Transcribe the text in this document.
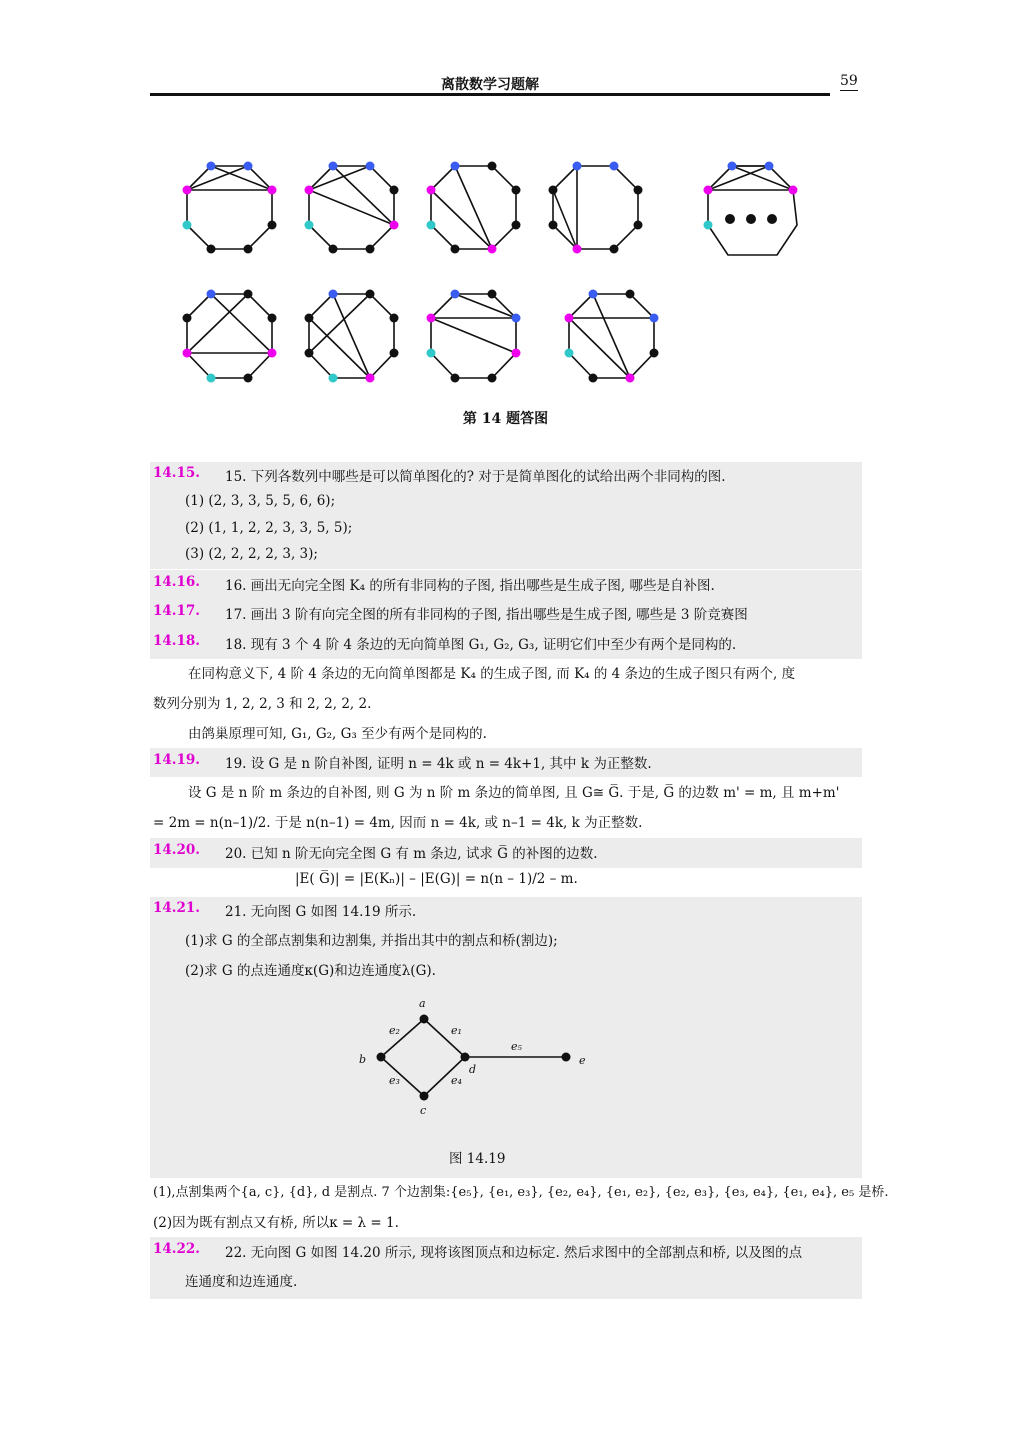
离散数学习题解	59
第 14 题答图
14.15. 15. 下列各数列中哪些是可以简单图化的? 对于是简单图化的试给出两个非同构的图.
(1) (2, 3, 3, 5, 5, 6, 6);
(2) (1, 1, 2, 2, 3, 3, 5, 5);
(3) (2, 2, 2, 2, 3, 3);
14.16. 16. 画出无向完全图 K₄ 的所有非同构的子图, 指出哪些是生成子图, 哪些是自补图.
14.17. 17. 画出 3 阶有向完全图的所有非同构的子图, 指出哪些是生成子图, 哪些是 3 阶竞赛图
14.18. 18. 现有 3 个 4 阶 4 条边的无向简单图 G₁, G₂, G₃, 证明它们中至少有两个是同构的.
在同构意义下, 4 阶 4 条边的无向简单图都是 K₄ 的生成子图, 而 K₄ 的 4 条边的生成子图只有两个, 度
数列分别为 1, 2, 2, 3 和 2, 2, 2, 2.
由鸽巢原理可知, G₁, G₂, G₃ 至少有两个是同构的.
14.19. 19. 设 G 是 n 阶自补图, 证明 n = 4k 或 n = 4k+1, 其中 k 为正整数.
设 G 是 n 阶 m 条边的自补图, 则 G 为 n 阶 m 条边的简单图, 且 G≅ G̅. 于是, G̅ 的边数 m' = m, 且 m+m'
= 2m = n(n–1)/2. 于是 n(n–1) = 4m, 因而 n = 4k, 或 n–1 = 4k, k 为正整数.
14.20. 20. 已知 n 阶无向完全图 G 有 m 条边, 试求 G̅ 的补图的边数.
|E( G̅)| = |E(Kₙ)| – |E(G)| = n(n – 1)/2 – m.
14.21. 21. 无向图 G 如图 14.19 所示.
(1)求 G 的全部点割集和边割集, 并指出其中的割点和桥(割边);
(2)求 G 的点连通度κ(G)和边连通度λ(G).
a
b
c
d
e
e₁
e₂
e₃	e₄
e₅
图 14.19
(1),点割集两个{a, c}, {d}, d 是割点. 7 个边割集:{e₅}, {e₁, e₃}, {e₂, e₄}, {e₁, e₂}, {e₂, e₃}, {e₃, e₄}, {e₁, e₄}, e₅ 是桥.
(2)因为既有割点又有桥, 所以κ = λ = 1.
14.22. 22. 无向图 G 如图 14.20 所示, 现将该图顶点和边标定. 然后求图中的全部割点和桥, 以及图的点
连通度和边连通度.
